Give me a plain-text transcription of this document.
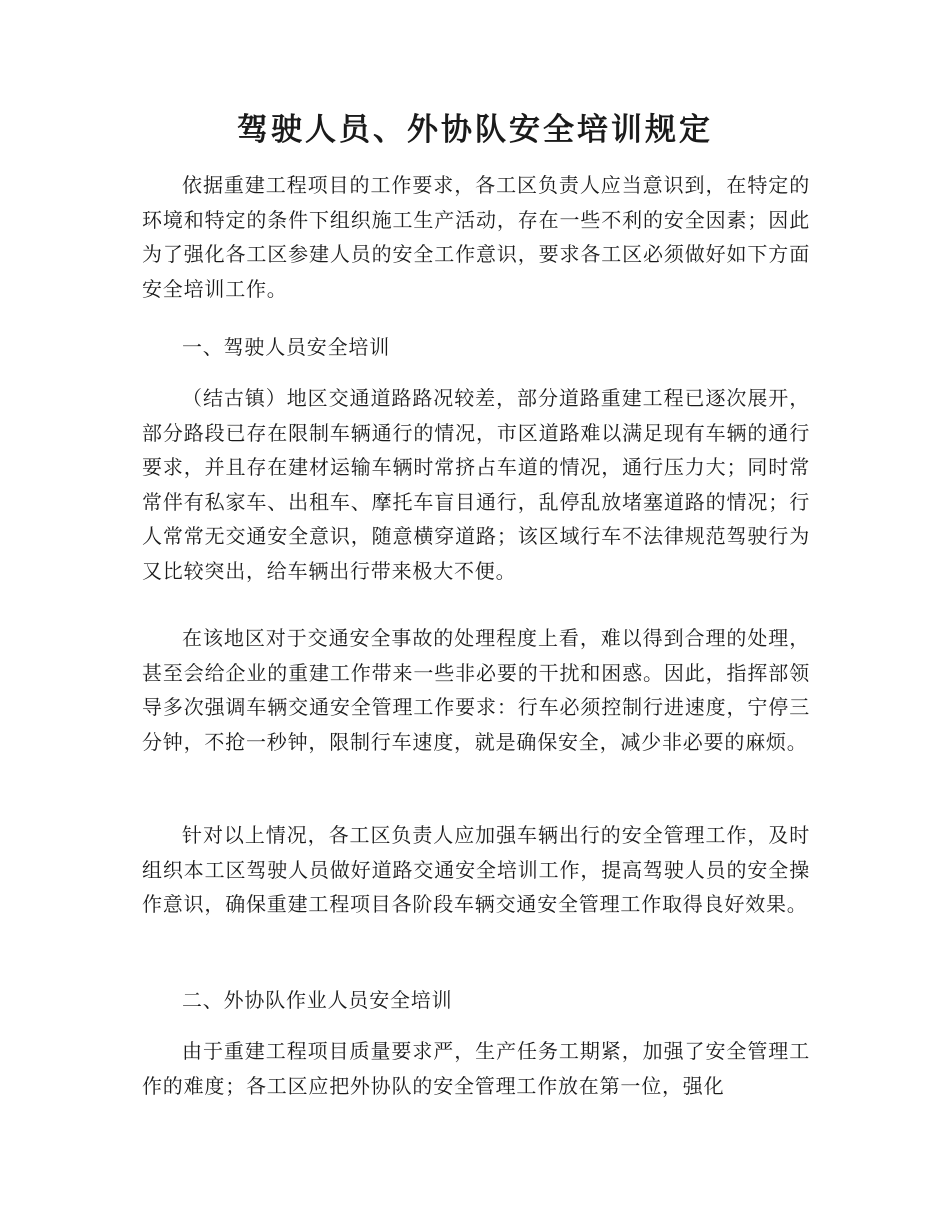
驾驶人员、外协队安全培训规定

依据重建工程项目的工作要求，各工区负责人应当意识到，在特定的环境和特定的条件下组织施工生产活动，存在一些不利的安全因素；因此为了强化各工区参建人员的安全工作意识，要求各工区必须做好如下方面安全培训工作。

一、驾驶人员安全培训

（结古镇）地区交通道路路况较差，部分道路重建工程已逐次展开，部分路段已存在限制车辆通行的情况，市区道路难以满足现有车辆的通行要求，并且存在建材运输车辆时常挤占车道的情况，通行压力大；同时常常伴有私家车、出租车、摩托车盲目通行，乱停乱放堵塞道路的情况；行人常常无交通安全意识，随意横穿道路；该区域行车不法律规范驾驶行为又比较突出，给车辆出行带来极大不便。

在该地区对于交通安全事故的处理程度上看，难以得到合理的处理，甚至会给企业的重建工作带来一些非必要的干扰和困惑。因此，指挥部领导多次强调车辆交通安全管理工作要求：行车必须控制行进速度，宁停三分钟，不抢一秒钟，限制行车速度，就是确保安全，减少非必要的麻烦。

针对以上情况，各工区负责人应加强车辆出行的安全管理工作，及时组织本工区驾驶人员做好道路交通安全培训工作，提高驾驶人员的安全操作意识，确保重建工程项目各阶段车辆交通安全管理工作取得良好效果。

二、外协队作业人员安全培训

由于重建工程项目质量要求严，生产任务工期紧，加强了安全管理工作的难度；各工区应把外协队的安全管理工作放在第一位，强化
